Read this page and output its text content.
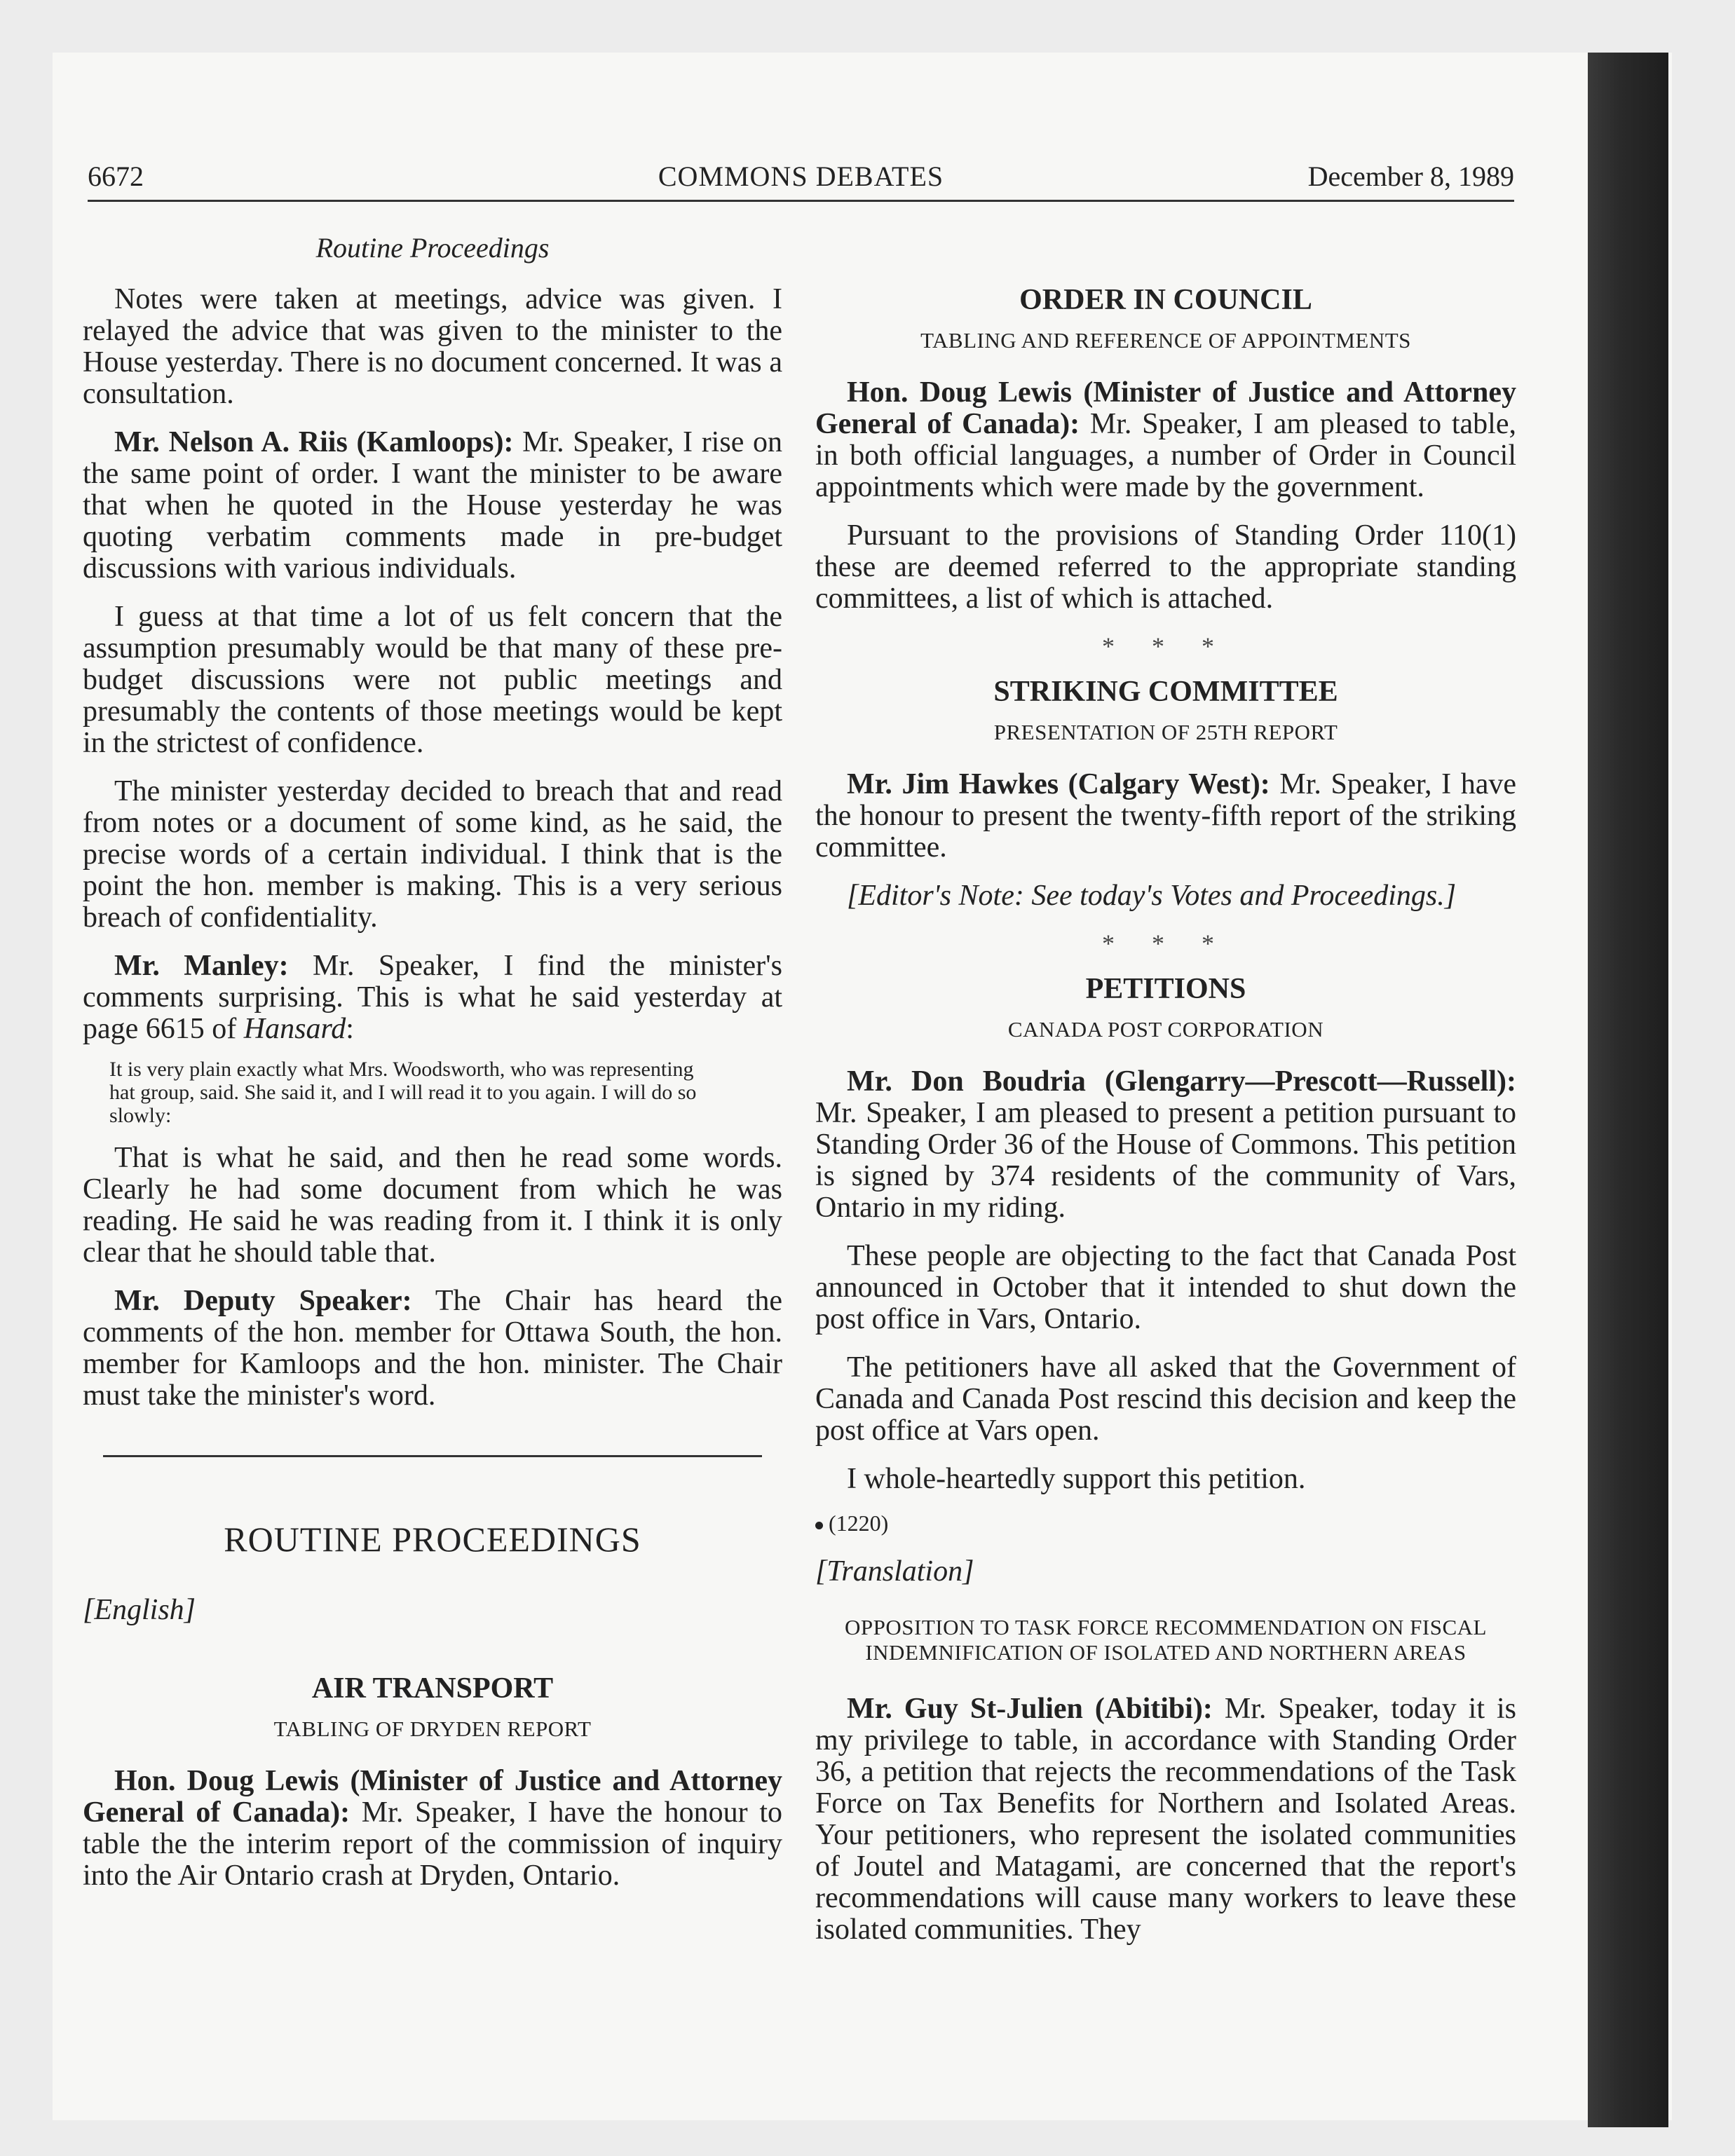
COMMONS DEBATES
6672	December 8, 1989
Routine Proceedings

Notes were taken at meetings, advice was given. I relayed the advice that was given to the minister to the House yesterday. There is no document concerned. It was a consultation.

Mr. Nelson A. Riis (Kamloops): Mr. Speaker, I rise on the same point of order. I want the minister to be aware that when he quoted in the House yesterday he was quoting verbatim comments made in pre-budget discussions with various individuals.

I guess at that time a lot of us felt concern that the assumption presumably would be that many of these pre-budget discussions were not public meetings and presumably the contents of those meetings would be kept in the strictest of confidence.

The minister yesterday decided to breach that and read from notes or a document of some kind, as he said, the precise words of a certain individual. I think that is the point the hon. member is making. This is a very serious breach of confidentiality.

Mr. Manley: Mr. Speaker, I find the minister's comments surprising. This is what he said yesterday at page 6615 of Hansard:

It is very plain exactly what Mrs. Woodsworth, who was representing
hat group, said. She said it, and I will read it to you again. I will do so
slowly:

That is what he said, and then he read some words. Clearly he had some document from which he was reading. He said he was reading from it. I think it is only clear that he should table that.

Mr. Deputy Speaker: The Chair has heard the comments of the hon. member for Ottawa South, the hon. member for Kamloops and the hon. minister. The Chair must take the minister's word.

ROUTINE PROCEEDINGS
[English]
AIR TRANSPORT
TABLING OF DRYDEN REPORT

Hon. Doug Lewis (Minister of Justice and Attorney General of Canada): Mr. Speaker, I have the honour to table the the interim report of the commission of inquiry into the Air Ontario crash at Dryden, Ontario.

ORDER IN COUNCIL
TABLING AND REFERENCE OF APPOINTMENTS

Hon. Doug Lewis (Minister of Justice and Attorney General of Canada): Mr. Speaker, I am pleased to table, in both official languages, a number of Order in Council appointments which were made by the government.

Pursuant to the provisions of Standing Order 110(1) these are deemed referred to the appropriate standing committees, a list of which is attached.

* * *
STRIKING COMMITTEE
PRESENTATION OF 25TH REPORT

Mr. Jim Hawkes (Calgary West): Mr. Speaker, I have the honour to present the twenty-fifth report of the striking committee.

[Editor's Note: See today's Votes and Proceedings.]

* * *
PETITIONS
CANADA POST CORPORATION

Mr. Don Boudria (Glengarry—Prescott—Russell): Mr. Speaker, I am pleased to present a petition pursuant to Standing Order 36 of the House of Commons. This petition is signed by 374 residents of the community of Vars, Ontario in my riding.

These people are objecting to the fact that Canada Post announced in October that it intended to shut down the post office in Vars, Ontario.

The petitioners have all asked that the Government of Canada and Canada Post rescind this decision and keep the post office at Vars open.

I whole-heartedly support this petition.

(1220)
[Translation]
OPPOSITION TO TASK FORCE RECOMMENDATION ON FISCAL INDEMNIFICATION OF ISOLATED AND NORTHERN AREAS

Mr. Guy St-Julien (Abitibi): Mr. Speaker, today it is my privilege to table, in accordance with Standing Order 36, a petition that rejects the recommendations of the Task Force on Tax Benefits for Northern and Isolated Areas. Your petitioners, who represent the isolated communities of Joutel and Matagami, are concerned that the report's recommendations will cause many workers to leave these isolated communities. They
